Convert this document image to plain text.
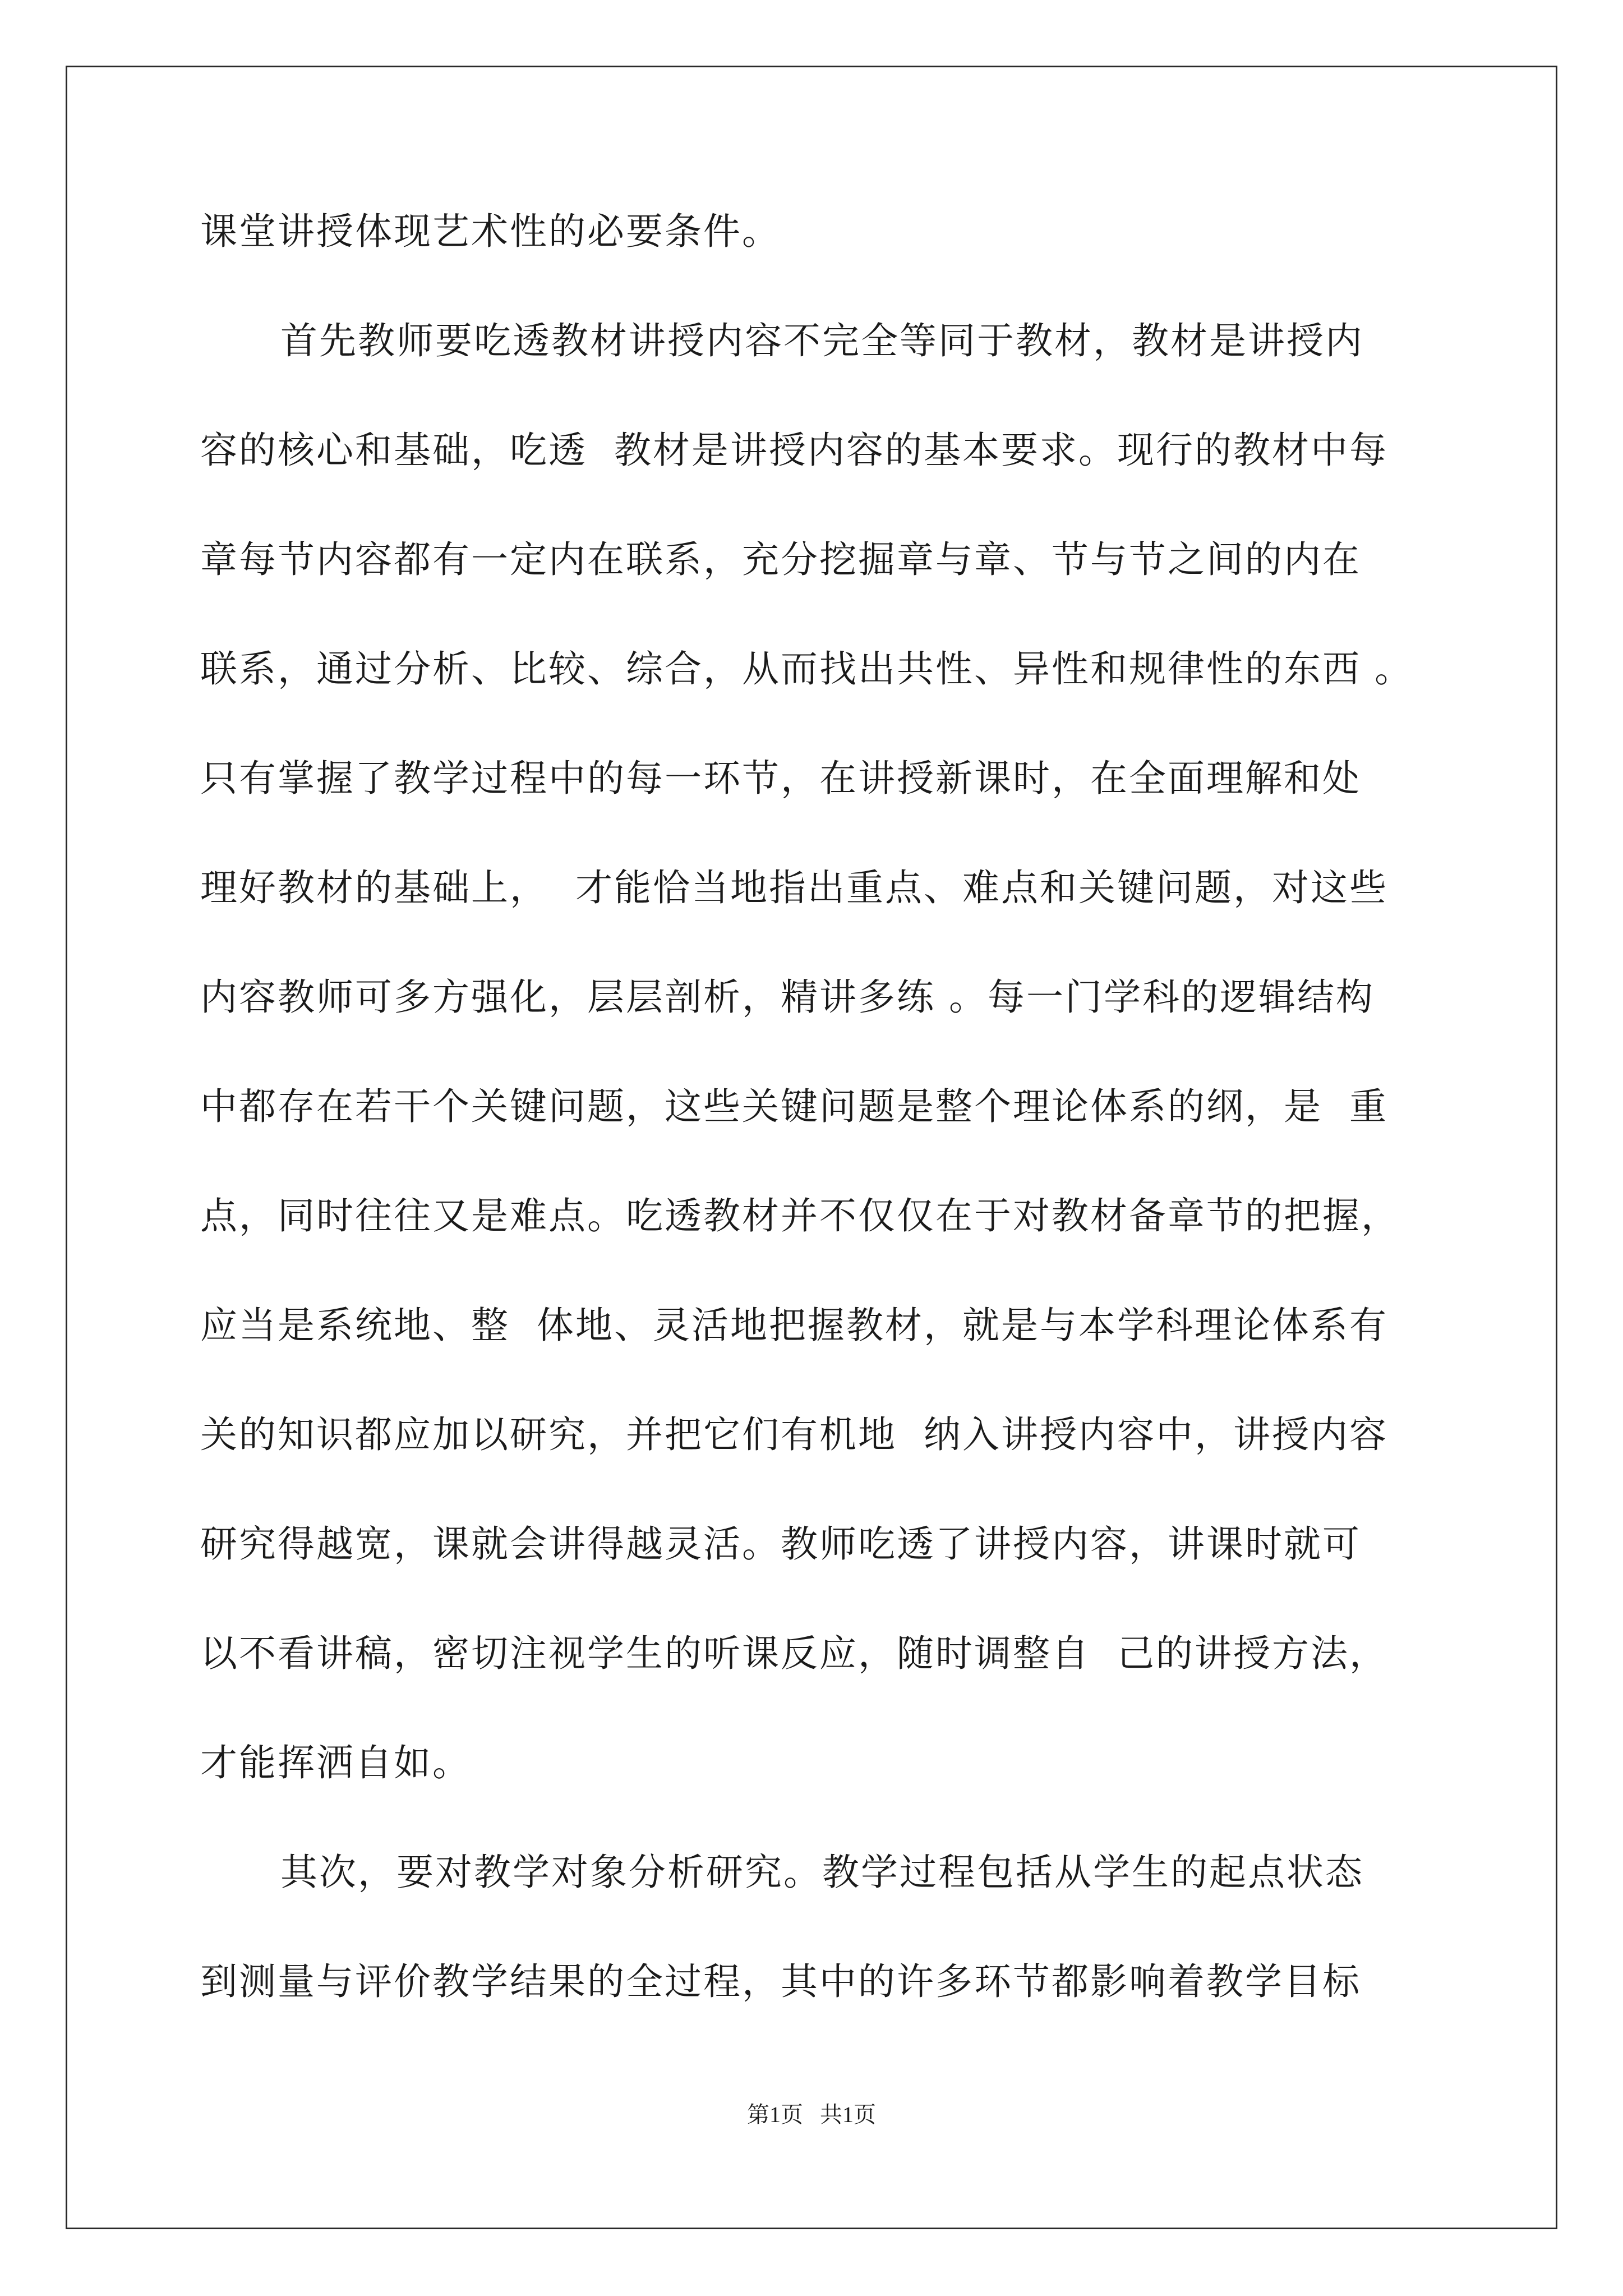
课堂讲授体现艺术性的必要条件。

首先教师要吃透教材讲授内容不完全等同于教材，教材是讲授内

容的核心和基础，吃透  教材是讲授内容的基本要求。现行的教材中每

章每节内容都有一定内在联系，充分挖掘章与章、节与节之间的内在

联系，通过分析、比较、综合，从而找出共性、异性和规律性的东西 。

只有掌握了教学过程中的每一环节，在讲授新课时，在全面理解和处

理好教材的基础上，  才能恰当地指出重点、难点和关键问题，对这些

内容教师可多方强化，层层剖析，精讲多练 。每一门学科的逻辑结构

中都存在若干个关键问题，这些关键问题是整个理论体系的纲，是  重

点，同时往往又是难点。吃透教材并不仅仅在于对教材备章节的把握，

应当是系统地、整  体地、灵活地把握教材，就是与本学科理论体系有

关的知识都应加以研究，并把它们有机地  纳入讲授内容中，讲授内容

研究得越宽，课就会讲得越灵活。教师吃透了讲授内容，讲课时就可

以不看讲稿，密切注视学生的听课反应，随时调整自  己的讲授方法，

才能挥洒自如。

其次，要对教学对象分析研究。教学过程包括从学生的起点状态

到测量与评价教学结果的全过程，其中的许多环节都影响着教学目标

第1页   共1页
